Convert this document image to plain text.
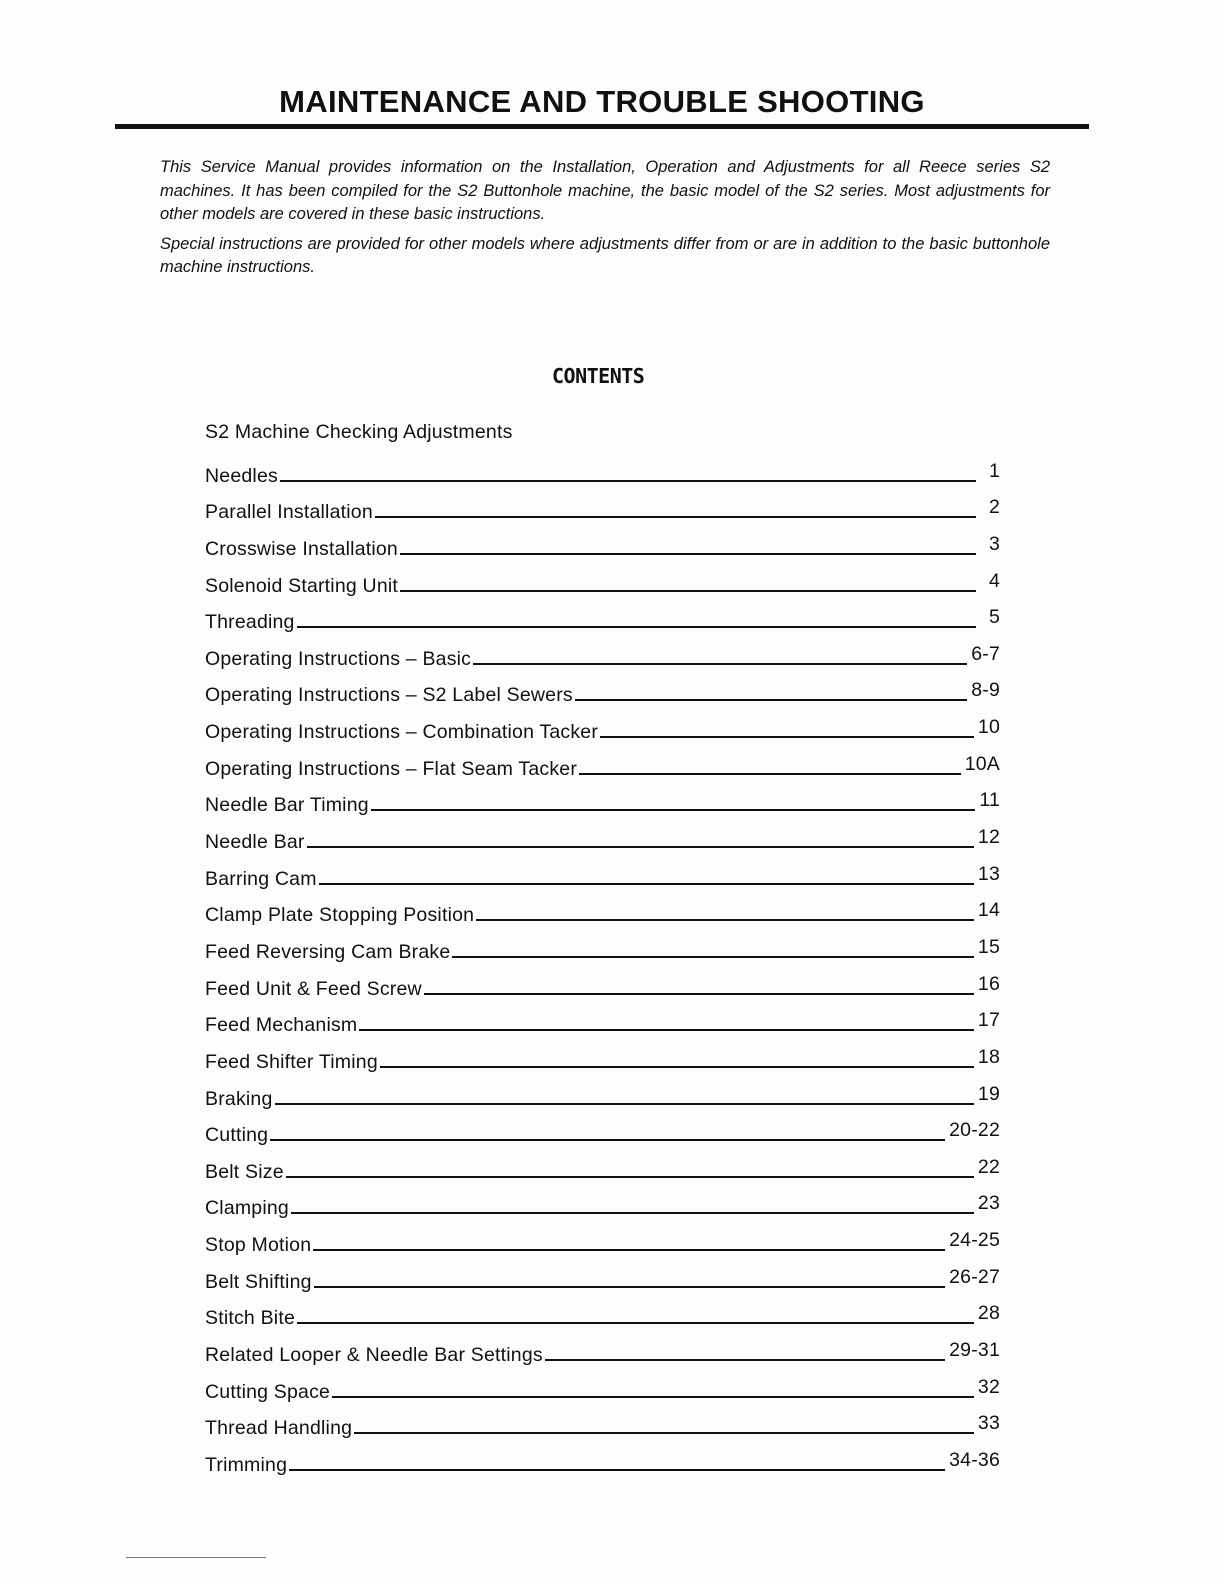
MAINTENANCE AND TROUBLE SHOOTING

This Service Manual provides information on the Installation, Operation and Adjustments for all Reece series S2 machines. It has been compiled for the S2 Buttonhole machine, the basic model of the S2 series. Most adjustments for other models are covered in these basic instructions.

Special instructions are provided for other models where adjustments differ from or are in addition to the basic buttonhole machine instructions.

CONTENTS
S2 Machine Checking Adjustments
Needles	1
Parallel Installation	2
Crosswise Installation	3
Solenoid Starting Unit	4
Threading	5
Operating Instructions – Basic	6-7
Operating Instructions – S2 Label Sewers	8-9
Operating Instructions – Combination Tacker	10
Operating Instructions – Flat Seam Tacker	10A
Needle Bar Timing	11
Needle Bar	12
Barring Cam	13
Clamp Plate Stopping Position	14
Feed Reversing Cam Brake	15
Feed Unit & Feed Screw	16
Feed Mechanism	17
Feed Shifter Timing	18
Braking	19
Cutting	20-22
Belt Size	22
Clamping	23
Stop Motion	24-25
Belt Shifting	26-27
Stitch Bite	28
Related Looper & Needle Bar Settings	29-31
Cutting Space	32
Thread Handling	33
Trimming	34-36
